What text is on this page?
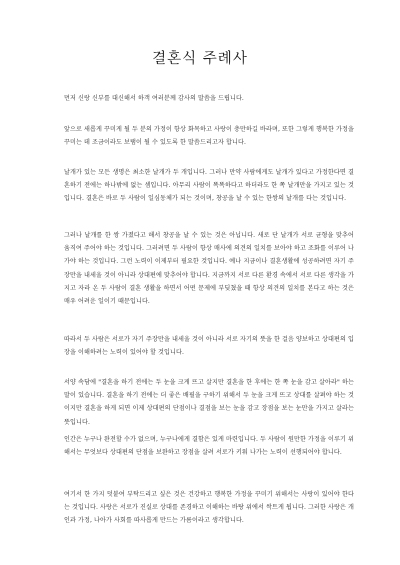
결혼식 주례사

먼저 신랑 신부를 대신해서 하객 여러분께 감사의 말씀을 드립니다.

앞으로 새롭게 꾸미게 될 두 분의 가정이 항상 화목하고 사랑이 충만하길 바라며, 또한 그렇게 행복한 가정을 꾸미는 데 조금이라도 보탬이 될 수 있도록 한 말씀드리고자 합니다.

날개가 있는 모든 생명은 최소한 날개가 두 개입니다. 그러나 만약 사람에게도 날개가 있다고 가정한다면 결혼하기 전에는 하나밖에 없는 셈입니다. 아무리 사람이 똑똑하다고 하더라도 한 쪽 날개만을 가지고 있는 것입니다. 결혼은 바로 두 사람이 일심동체가 되는 것이며, 창공을 날 수 있는 한쌍의 날개를 다는 것입니다.

그러나 날개를 한 쌍 가졌다고 해서 창공을 날 수 있는 것은 아닙니다. 새로 단 날개가 서로 균형을 맞추어 움직여 주어야 하는 것입니다. 그러려면 두 사람이 항상 매사에 의견의 일치를 보아야 하고 조화를 이루어 나가야 하는 것입니다. 그런 노력이 이제부터 필요한 것입니다. 예나 지금이나 결혼생활에 성공하려면 자기 주장만을 내세울 것이 아니라 상대편에 맞추어야 합니다. 지금까지 서로 다른 환경 속에서 서로 다른 생각을 가지고 자라 온 두 사람이 결혼 생활을 하면서 어떤 문제에 부딪쳤을 때 항상 의견의 일치를 본다고 하는 것은 매우 어려운 일이기 때문입니다.

따라서 두 사람은 서로가 자기 주장만을 내세울 것이 아니라 서로 자기의 뜻을 한 걸음 양보하고 상대편의 입장을 이해하려는 노력이 있어야 할 것입니다.

서양 속담에 "결혼을 하기 전에는 두 눈을 크게 뜨고 살지만 결혼을 한 후에는 한 쪽 눈을 감고 살아라" 하는 말이 있습니다. 결혼을 하기 전에는 더 좋은 배필을 구하기 위해서 두 눈을 크게 뜨고 상대를 살펴야 하는 것이지만 결혼을 하게 되면 이제 상대편의 단점이나 결점을 보는 눈을 감고 장점을 보는 눈만을 가지고 살라는 뜻입니다.

인간은 누구나 완전할 수가 없으며, 누구나에게 결함은 있게 마련입니다. 두 사람이 원만한 가정을 이루기 위해서는 무엇보다 상대편의 단점을 보완하고 장점을 살려 서로가 키워 나가는 노력이 선행되어야 합니다.

여기서 한 가지 덧붙여 부탁드리고 싶은 것은 건강하고 행복한 가정을 꾸미기 위해서는 사랑이 있어야 한다는 것입니다. 사랑은 서로가 진실로 상대를 존경하고 이해하는 바탕 위에서 싹트게 됩니다. 그러한 사랑은 개인과 가정, 나아가 사회를 따사롭게 만드는 가름이라고 생각합니다.
